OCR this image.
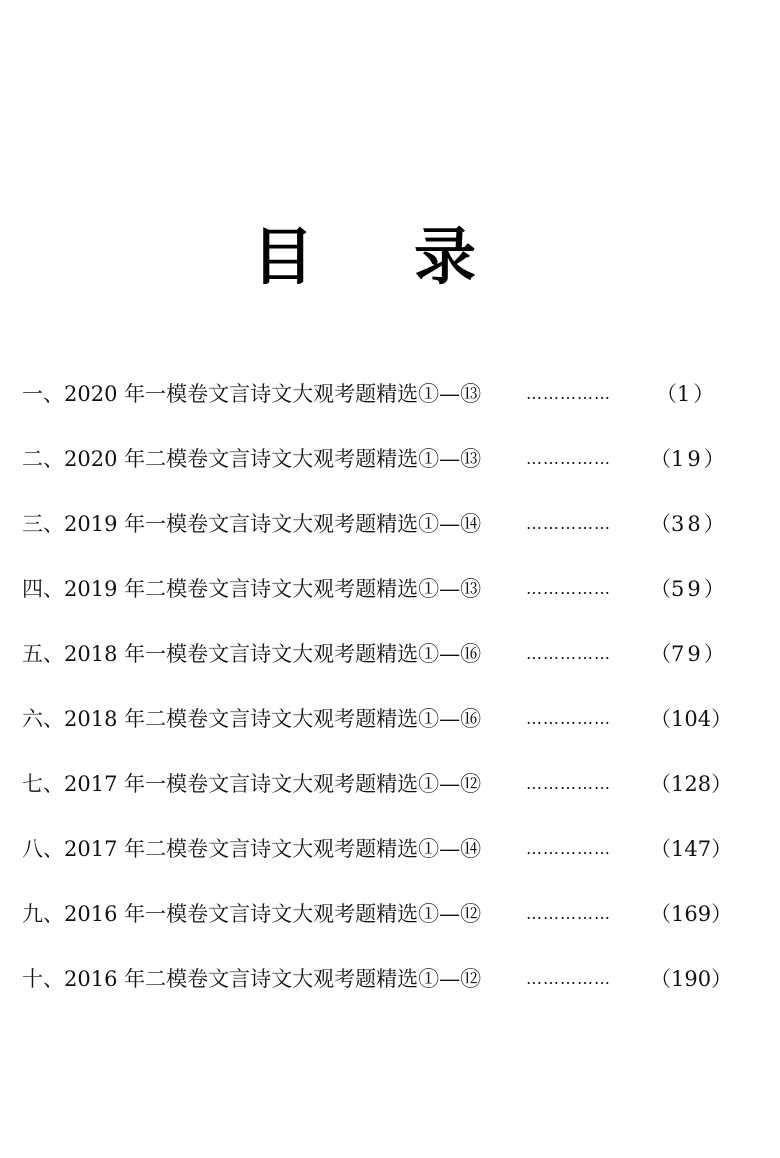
目 录
一、2020 年一模卷文言诗文大观考题精选①—⑬	…………… （1）
二、2020 年二模卷文言诗文大观考题精选①—⑬	…………… （19）
三、2019 年一模卷文言诗文大观考题精选①—⑭	…………… （38）
四、2019 年二模卷文言诗文大观考题精选①—⑬	…………… （59）
五、2018 年一模卷文言诗文大观考题精选①—⑯	…………… （79）
六、2018 年二模卷文言诗文大观考题精选①—⑯	…………… （104）
七、2017 年一模卷文言诗文大观考题精选①—⑫	…………… （128）
八、2017 年二模卷文言诗文大观考题精选①—⑭	…………… （147）
九、2016 年一模卷文言诗文大观考题精选①—⑫	…………… （169）
十、2016 年二模卷文言诗文大观考题精选①—⑫	…………… （190）
